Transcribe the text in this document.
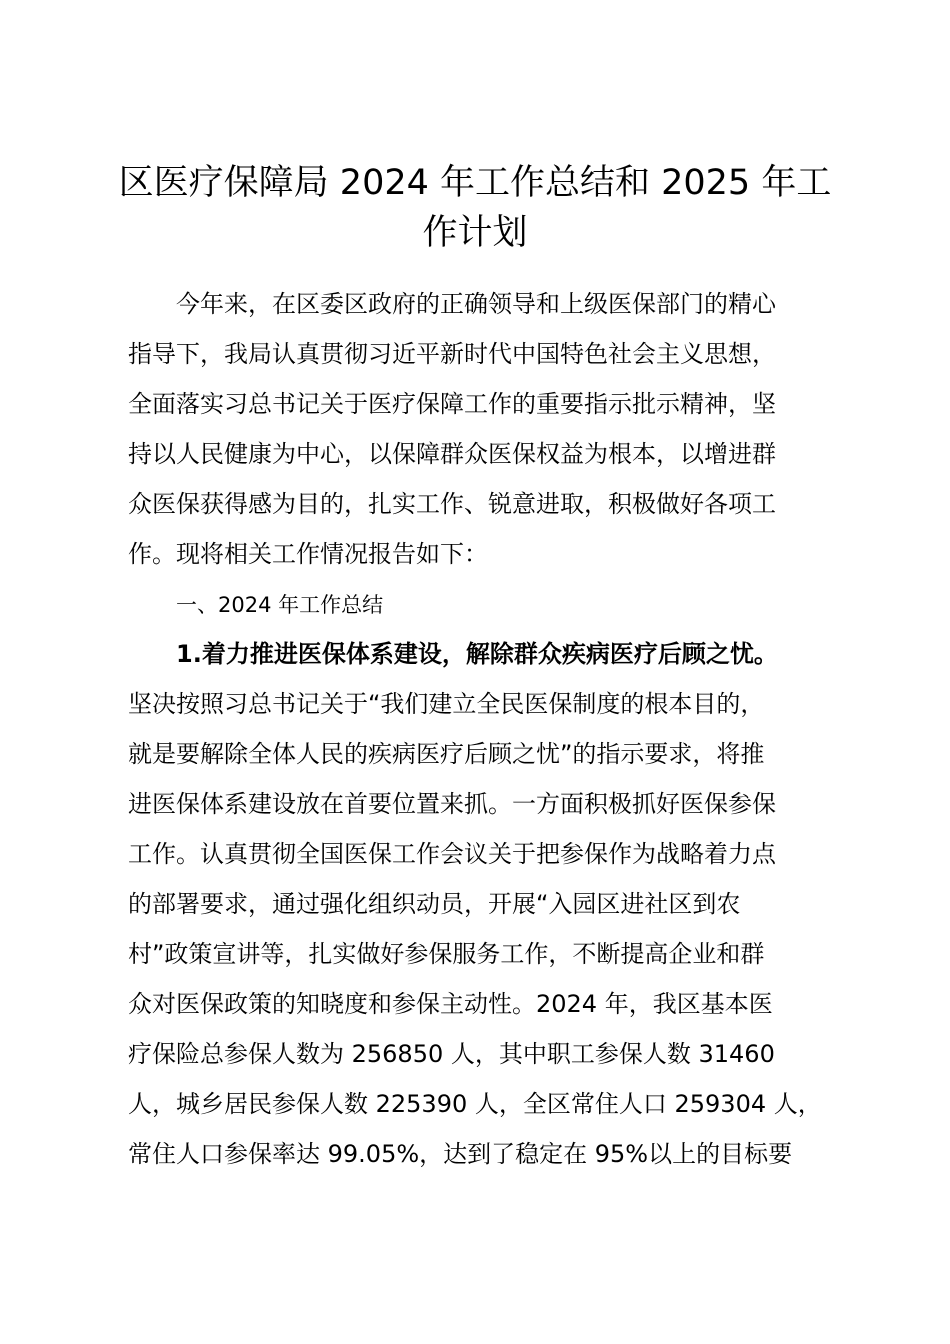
区医疗保障局 2024 年工作总结和 2025 年工
作计划
今年来，在区委区政府的正确领导和上级医保部门的精心
指导下，我局认真贯彻习近平新时代中国特色社会主义思想，
全面落实习总书记关于医疗保障工作的重要指示批示精神，坚
持以人民健康为中心，以保障群众医保权益为根本，以增进群
众医保获得感为目的，扎实工作、锐意进取，积极做好各项工
作。现将相关工作情况报告如下：
一、2024 年工作总结
1.着力推进医保体系建设，解除群众疾病医疗后顾之忧。
坚决按照习总书记关于“我们建立全民医保制度的根本目的，
就是要解除全体人民的疾病医疗后顾之忧”的指示要求，将推
进医保体系建设放在首要位置来抓。一方面积极抓好医保参保
工作。认真贯彻全国医保工作会议关于把参保作为战略着力点
的部署要求，通过强化组织动员，开展“入园区进社区到农
村”政策宣讲等，扎实做好参保服务工作，不断提高企业和群
众对医保政策的知晓度和参保主动性。2024 年，我区基本医
疗保险总参保人数为 256850 人，其中职工参保人数 31460
人，城乡居民参保人数 225390 人，全区常住人口 259304 人，
常住人口参保率达 99.05%，达到了稳定在 95%以上的目标要
